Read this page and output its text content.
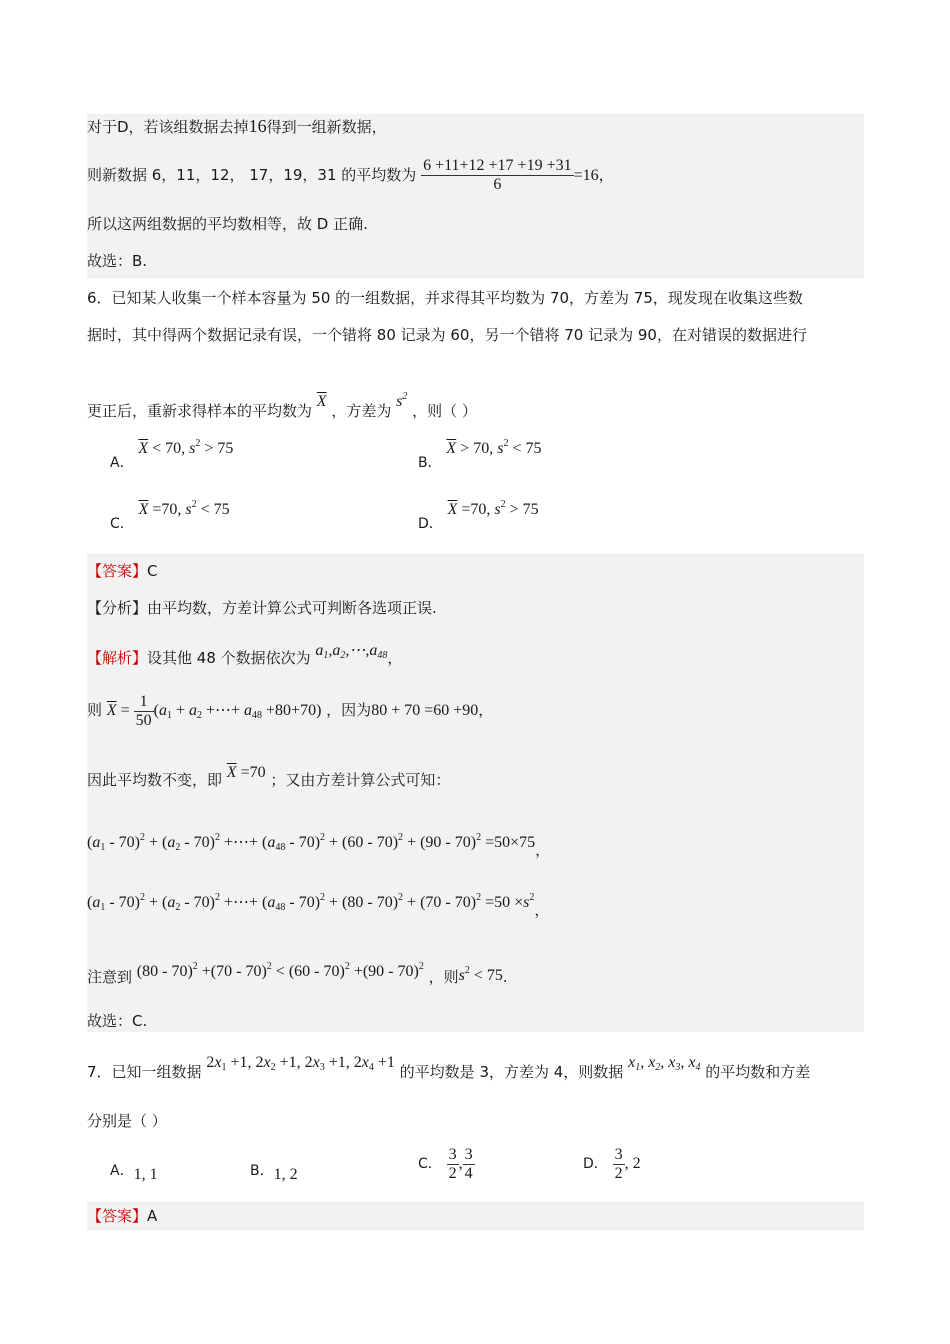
对于D，若该组数据去掉16得到一组新数据，
则新数据 6，11，12， 17，19，31 的平均数为 $\frac{6 +11+12 +17 +19 +31}{6} =16$，
所以这两组数据的平均数相等，故 D 正确.
故选：B.
6．已知某人收集一个样本容量为 50 的一组数据，并求得其平均数为 70，方差为 75，现发现在收集这些数
据时，其中得两个数据记录有误，一个错将 80 记录为 60，另一个错将 70 记录为 90，在对错误的数据进行
更正后，重新求得样本的平均数为 $\overline{X}$ ，方差为 $s^2$ ，则（ ）
A． $\overline{X} < 70$, $s^2 > 75$
B． $\overline{X} > 70$, $s^2 < 75$
C． $\overline{X} =70$, $s^2 < 75$
D． $\overline{X} =70$, $s^2 > 75$
【答案】C
【分析】由平均数，方差计算公式可判断各选项正误.
【解析】设其他 48 个数据依次为 $a_1,a_2,\cdots,a_{48}$，
则 $\overline{X} = \frac{1}{50} (a_1 + a_2$ +⋯+ $a_{48} +80+70$) ，因为80 + 70 =60 +90，
因此平均数不变，即 $\overline{X} =70$ ；又由方差计算公式可知：
$(a_1 - 70)^2 + (a_2 - 70)^2$ +⋯+ $(a_{48} - 70)^2 + (60 - 70)^2 + (90 - 70)^2 =50\times 75$，
$(a_1 - 70)^2 + (a_2 - 70)^2$ +⋯+ $(a_{48} - 70)^2 + (80 - 70)^2 + (70 - 70)^2 =50 \times s^2$，
注意到 (80 - 70)$^2$ +(70 - 70)$^2$ < (60 - 70)$^2$ +(90 - 70)$^2$ ，则$s^2 < 75$.
故选：C.
7．已知一组数据 $2x_1 +1$, $2x_2 +1$, $2x_3 +1$, $2x_4 +1$ 的平均数是 3，方差为 4，则数据 $x_1$, $x_2$, $x_3$, $x_4$ 的平均数和方差
分别是（ ）
A．1, 1	B．1, 2
C． $\frac{3}{2}$ , $\frac{3}{4}$	D． $\frac{3}{2}$ , 2
【答案】A
